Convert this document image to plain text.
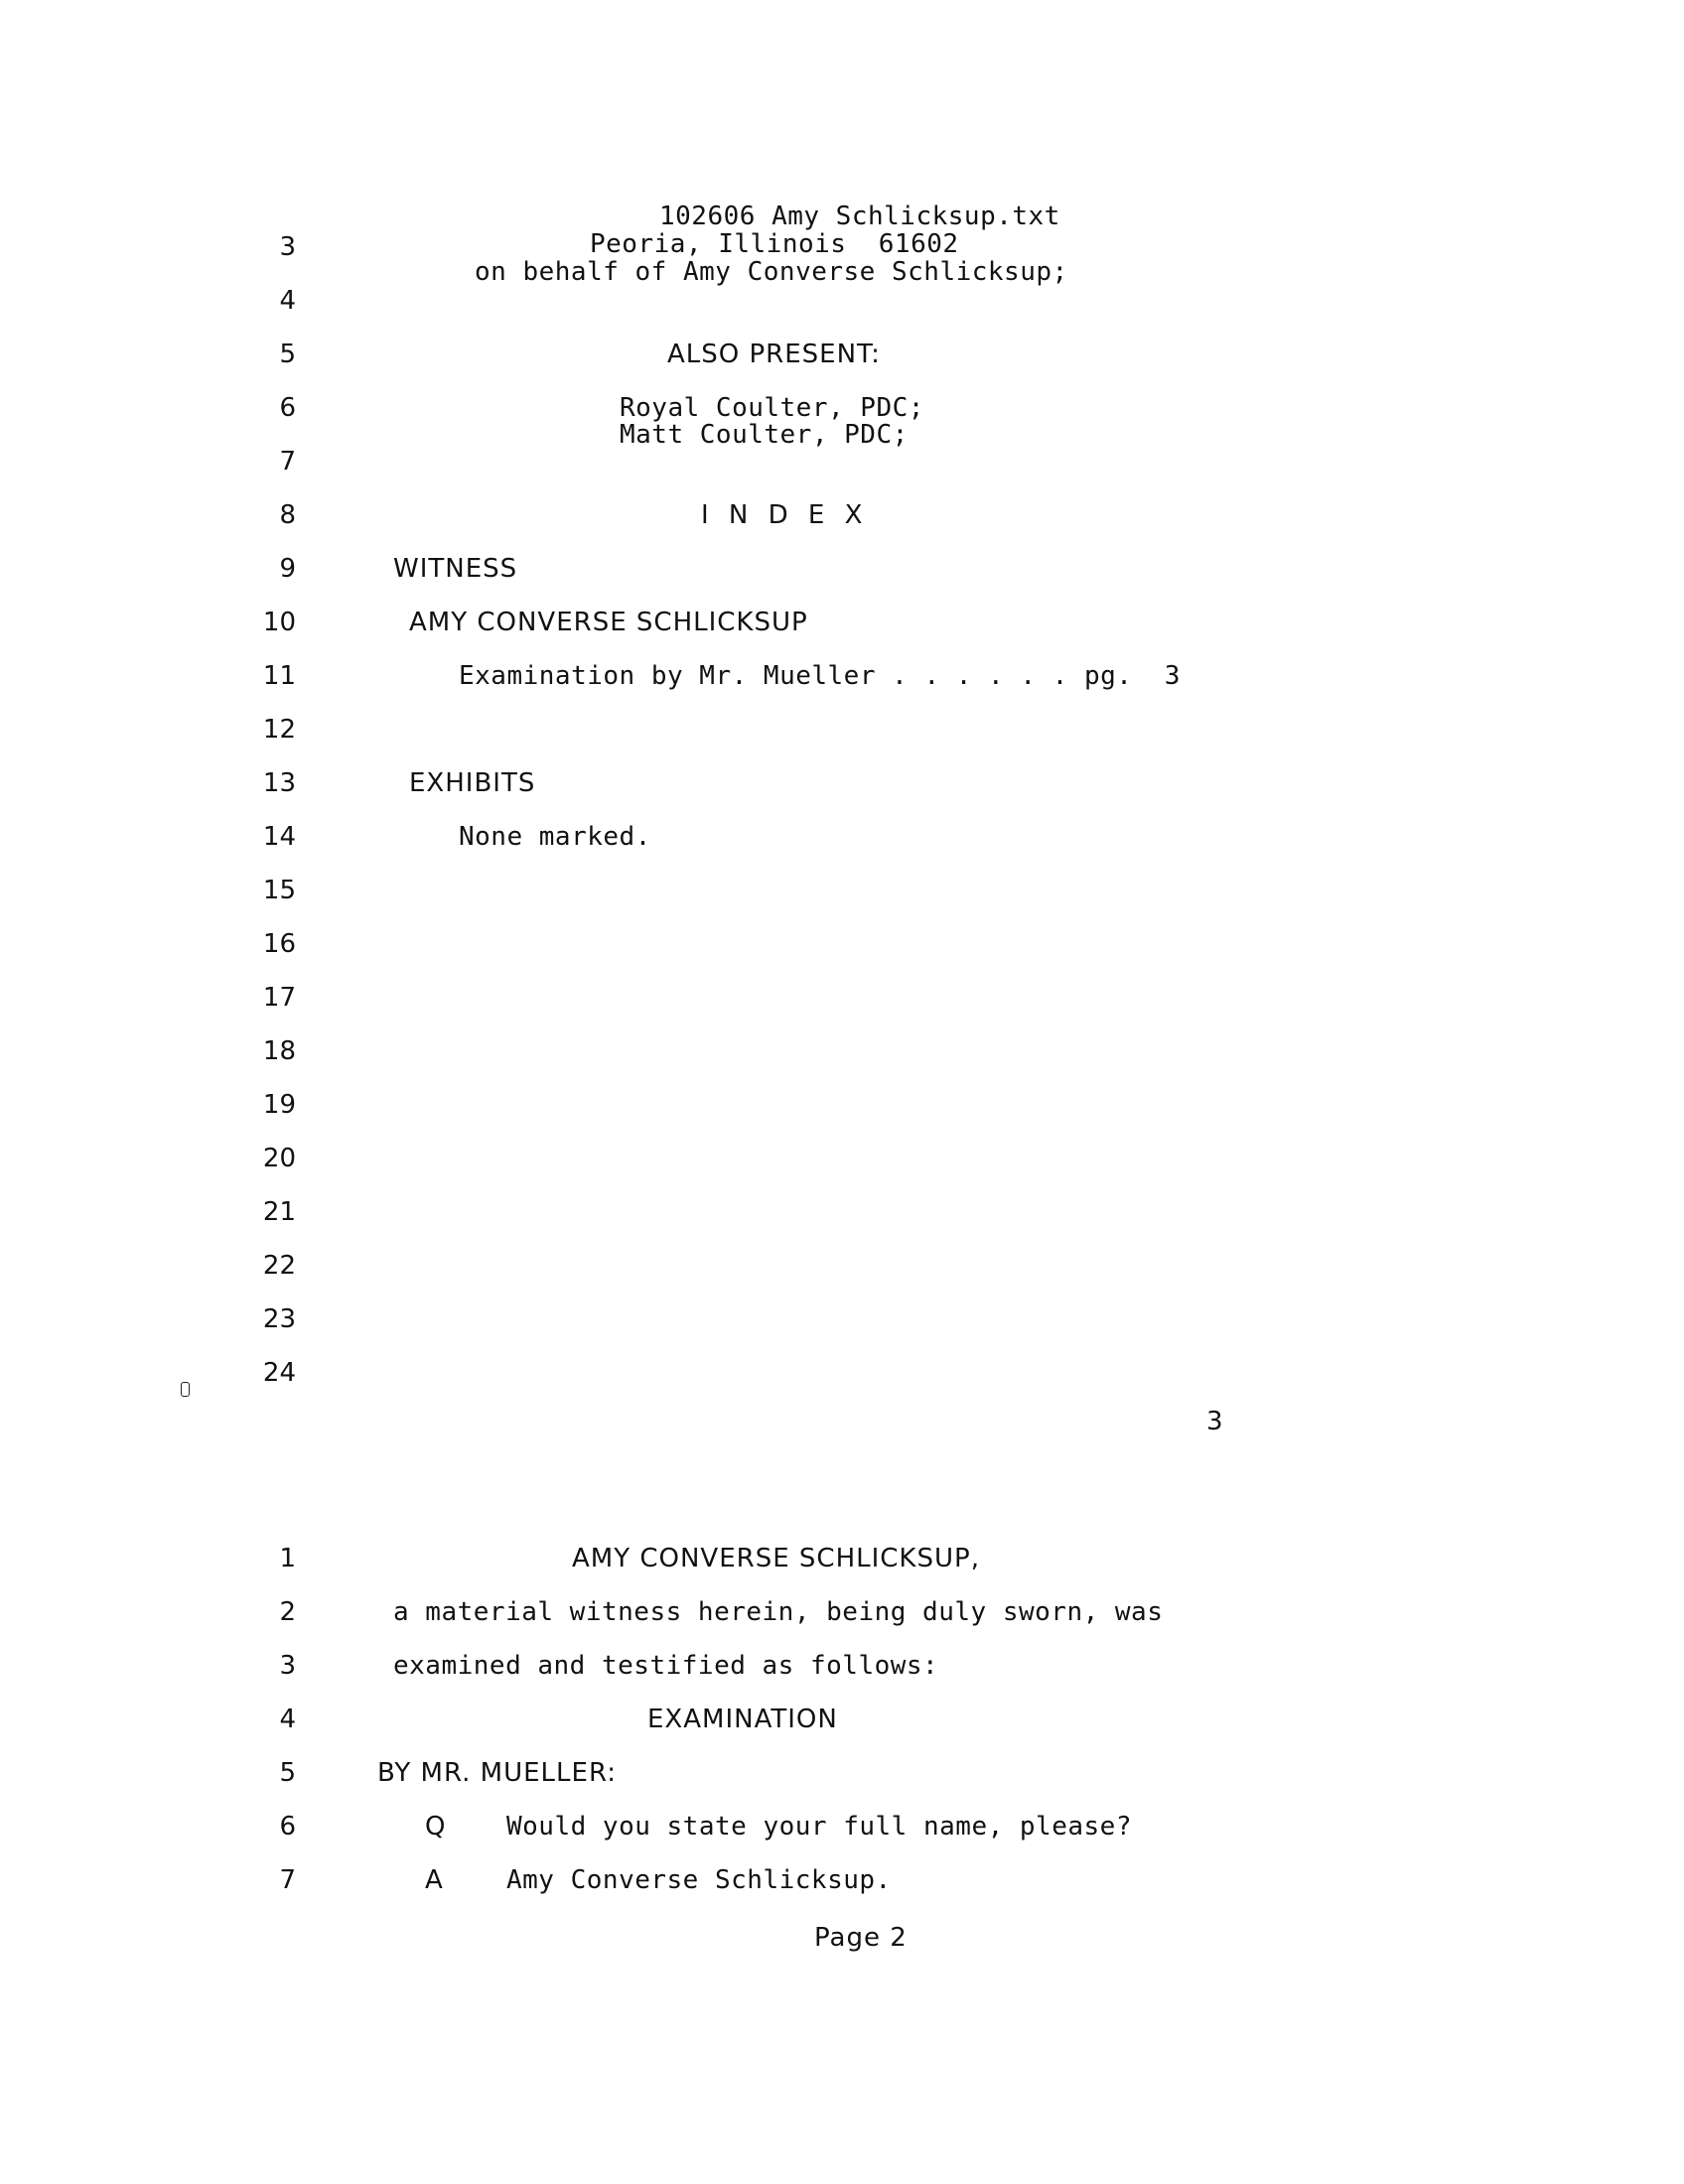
102606 Amy Schlicksup.txt
Peoria, Illinois  61602
on behalf of Amy Converse Schlicksup;
3
4
5
6
7
8
9
10
11
12
13
14
15
16
17
18
19
20
21
22
23
24
ALSO PRESENT:
Royal Coulter, PDC;
Matt Coulter, PDC;
I N D E X
WITNESS
AMY CONVERSE SCHLICKSUP
Examination by Mr. Mueller . . . . . . pg.  3
EXHIBITS
None marked.
3
1
2
3
4
5
6
7
AMY CONVERSE SCHLICKSUP,
a material witness herein, being duly sworn, was
examined and testified as follows:
EXAMINATION
BY MR. MUELLER:
Q Would you state your full name, please?
A Amy Converse Schlicksup.
Page 2
